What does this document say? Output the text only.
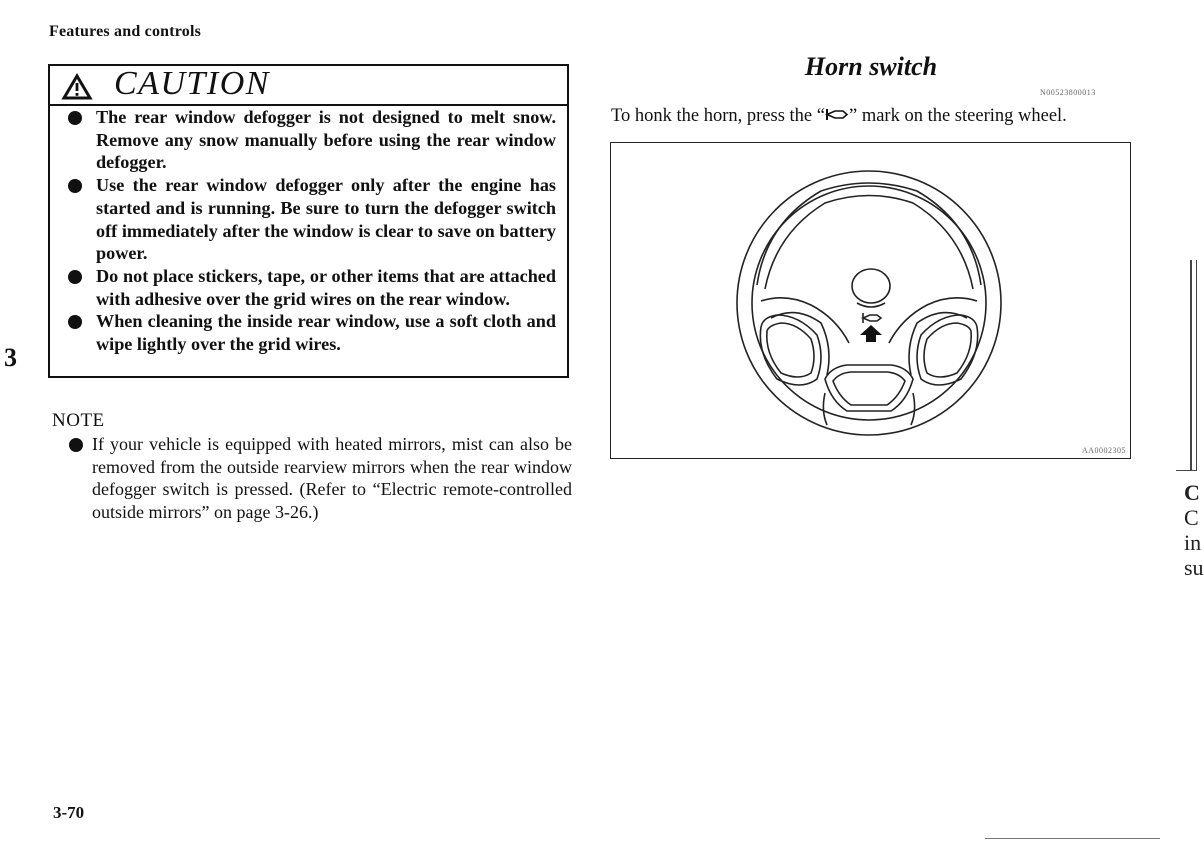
Features and controls
3
CAUTION
The rear window defogger is not designed to melt snow. Remove any snow manually before using the rear window defogger.
Use the rear window defogger only after the engine has started and is running. Be sure to turn the defogger switch off immediately after the window is clear to save on battery power.
Do not place stickers, tape, or other items that are attached with adhesive over the grid wires on the rear window.
When cleaning the inside rear window, use a soft cloth and wipe lightly over the grid wires.
NOTE
If your vehicle is equipped with heated mirrors, mist can also be removed from the outside rearview mirrors when the rear window defogger switch is pressed. (Refer to “Electric remote-controlled outside mirrors” on page 3-26.)
Horn switch
N00523800013
To honk the horn, press the “ ” mark on the steering wheel.
AA0002305
C
C
in
su
3-70
